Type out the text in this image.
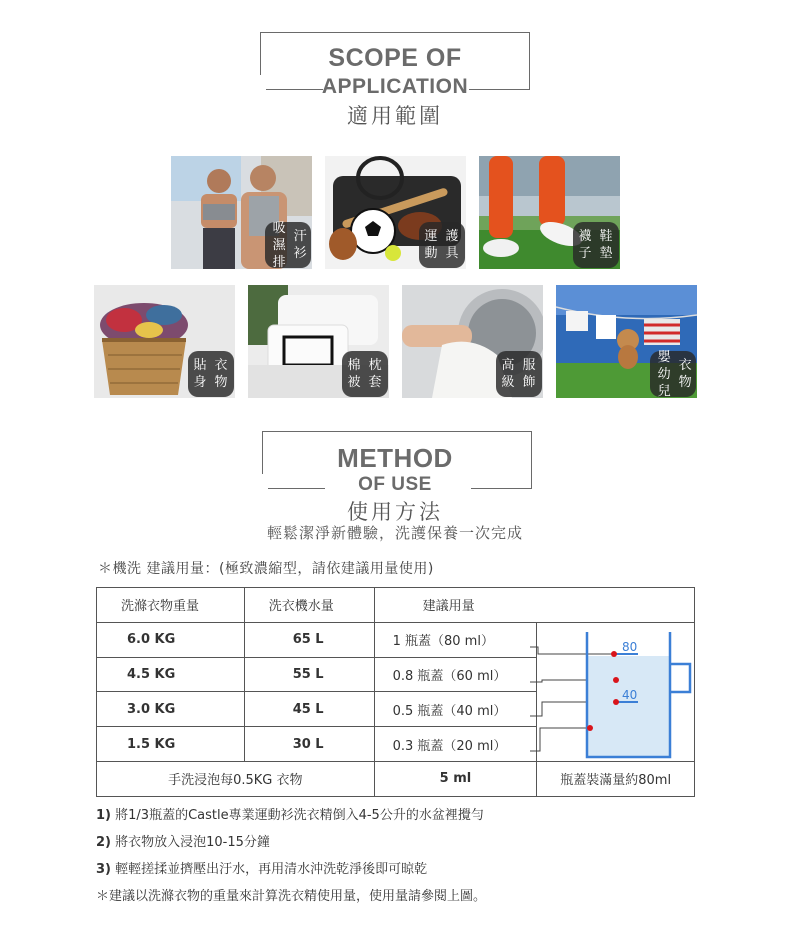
SCOPE OF
APPLICATION
適用範圍
吸濕排

汗衫
運動

護具
襪子

鞋墊
貼身

衣物
棉被

枕套
高級

服飾
嬰幼兒

衣物
METHOD
OF USE
使用方法
輕鬆潔淨新體驗，洗護保養一次完成
＊機洗 建議用量：(極致濃縮型，請依建議用量使用)
洗滌衣物重量	洗衣機水量	建議用量	
6.0 KG	65 L	1 瓶蓋（80 ml）	
4.5 KG	55 L	0.8 瓶蓋（60 ml）	
3.0 KG	45 L	0.5 瓶蓋（40 ml）	
1.5 KG	30 L	0.3 瓶蓋（20 ml）	
手洗浸泡每0.5KG 衣物		5 ml	瓶蓋裝滿量約80ml
80
40
1) 將1/3瓶蓋的Castle專業運動衫洗衣精倒入4-5公升的水盆裡攪勻
2) 將衣物放入浸泡10-15分鐘
3) 輕輕搓揉並擠壓出汙水，再用清水沖洗乾淨後即可晾乾
＊建議以洗滌衣物的重量來計算洗衣精使用量，使用量請參閱上圖。
